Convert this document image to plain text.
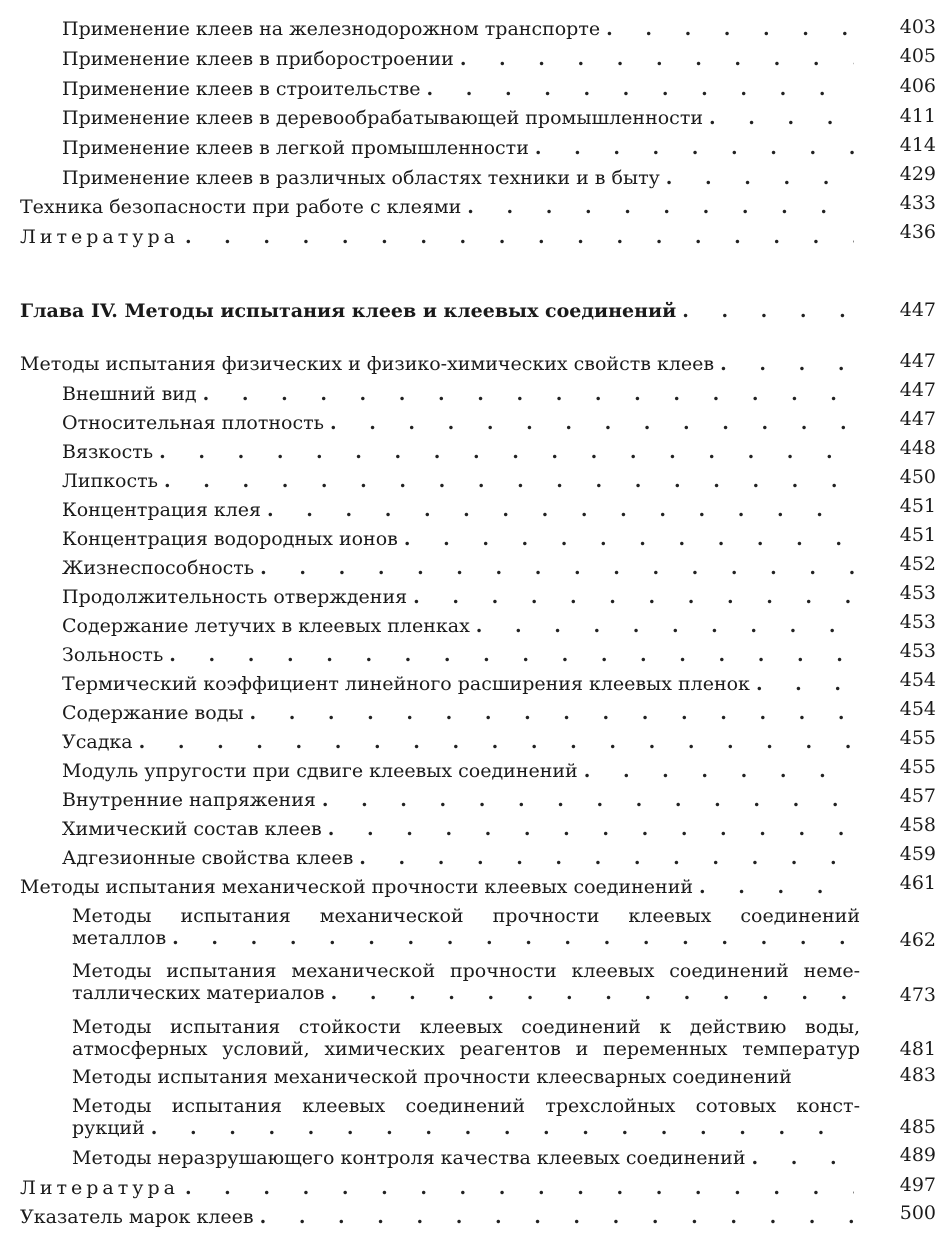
Применение клеев на железнодорожном транспорте . . .	403
Применение клеев в приборостроении . . .	405
Применение клеев в строительстве . . .	406
Применение клеев в деревообрабатывающей промышленности . . .	411
Применение клеев в легкой промышленности . . .	414
Применение клеев в различных областях техники и в быту . . .	429
Техника безопасности при работе с клеями . . .	433
Литература . . .	436
Глава IV. Методы испытания клеев и клеевых соединений . . .	447
Методы испытания физических и физико-химических свойств клеев . . .	447
Внешний вид . . .	447
Относительная плотность . . .	447
Вязкость . . .	448
Липкость . . .	450
Концентрация клея . . .	451
Концентрация водородных ионов . . .	451
Жизнеспособность . . .	452
Продолжительность отверждения . . .	453
Содержание летучих в клеевых пленках . . .	453
Зольность . . .	453
Термический коэффициент линейного расширения клеевых пленок . . .	454
Содержание воды . . .	454
Усадка . . .	455
Модуль упругости при сдвиге клеевых соединений . . .	455
Внутренние напряжения . . .	457
Химический состав клеев . . .	458
Адгезионные свойства клеев . . .	459
Методы испытания механической прочности клеевых соединений . . .	461
Методы испытания механической прочности клеевых соединений
металлов . . .	462
Методы испытания механической прочности клеевых соединений неме-
таллических материалов . . .	473
Методы испытания стойкости клеевых соединений к действию воды,
атмосферных условий, химических реагентов и переменных температур	481
Методы испытания механической прочности клеесварных соединений	483
Методы испытания клеевых соединений трехслойных сотовых конст-
рукций . . .	485
Методы неразрушающего контроля качества клеевых соединений . . .	489
Литература . . .	497
Указатель марок клеев . . .	500
